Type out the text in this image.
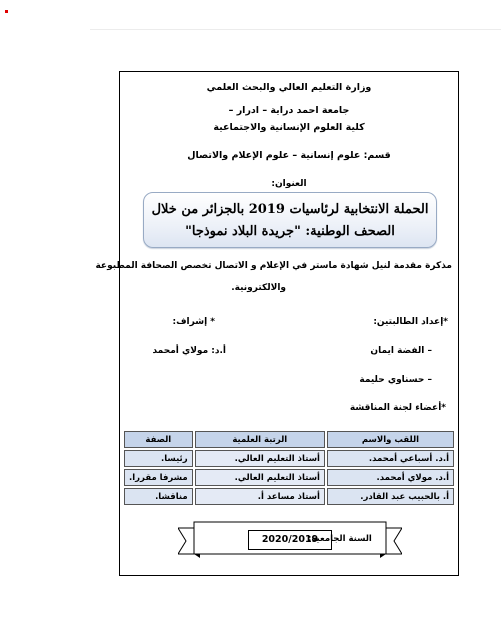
وزارة التعليم العالي والبحث العلمي
جامعة احمد دراية – ادرار –
كلية العلوم الإنسانية والاجتماعية
قسم: علوم إنسانية – علوم الإعلام والاتصال
العنوان:
الحملة الانتخابية لرئاسيات 2019 بالجزائر من خلال
الصحف الوطنية: "جريدة البلاد نموذجا"
مذكرة مقدمة لنيل شهادة ماستر في الإعلام و الاتصال تخصص الصحافة المطبوعة
والالكترونية.
*إعداد الطالبتين:
* إشراف:
– الفضة ايمان
أ.د: مولاي أمحمد
– حسناوي حليمة
*أعضاء لجنة المناقشة
اللقب والاسم	الرتبة العلمية	الصفة
أ.د. أسباعي أمحمد.	أستاذ التعليم العالي.	رئيسا.
أ.د. مولاي أمحمد.	أستاذ التعليم العالي.	مشرفا مقررا.
أ. بالحبيب عبد القادر.	أستاذ مساعد أ.	مناقشا.
2020/2019
السنة الجامعية:
